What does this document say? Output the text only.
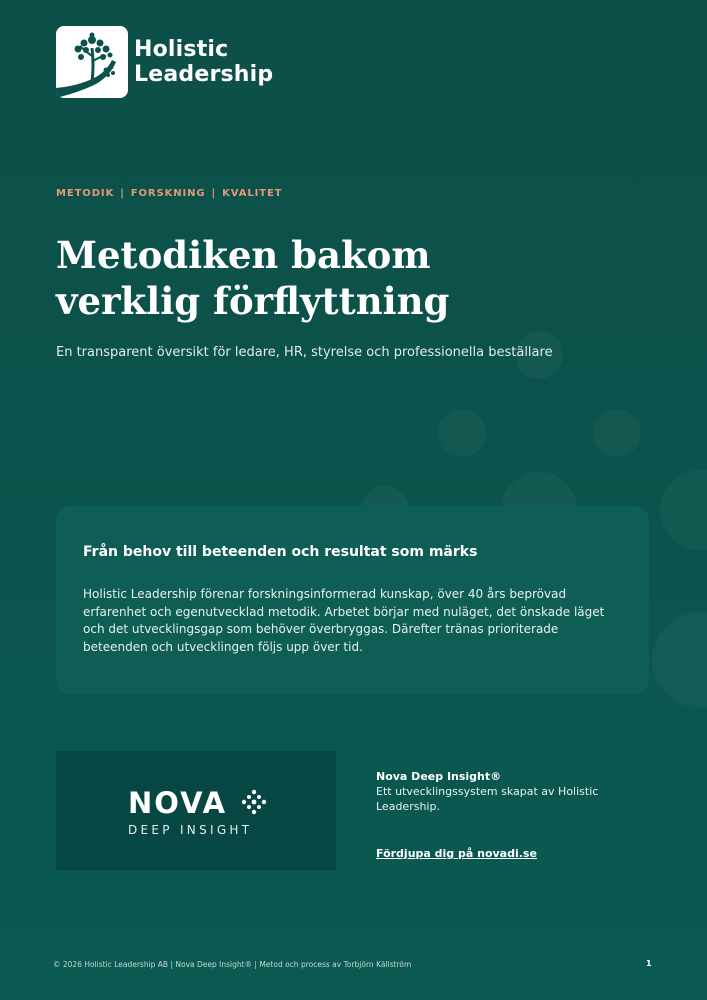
Holistic
Leadership
METODIK | FORSKNING | KVALITET
Metodiken bakom
verklig förflyttning
En transparent översikt för ledare, HR, styrelse och professionella beställare
Från behov till beteenden och resultat som märks

Holistic Leadership förenar forskningsinformerad kunskap, över 40 års beprövad erfarenhet och egenutvecklad metodik. Arbetet börjar med nuläget, det önskade läget och det utvecklingsgap som behöver överbryggas. Därefter tränas prioriterade beteenden och utvecklingen följs upp över tid.

NOVA
DEEP INSIGHT
Nova Deep Insight®
Ett utvecklingssystem skapat av Holistic Leadership.
Fördjupa dig på novadi.se
© 2026 Holistic Leadership AB | Nova Deep Insight® | Metod och process av Torbjörn Källström	1
